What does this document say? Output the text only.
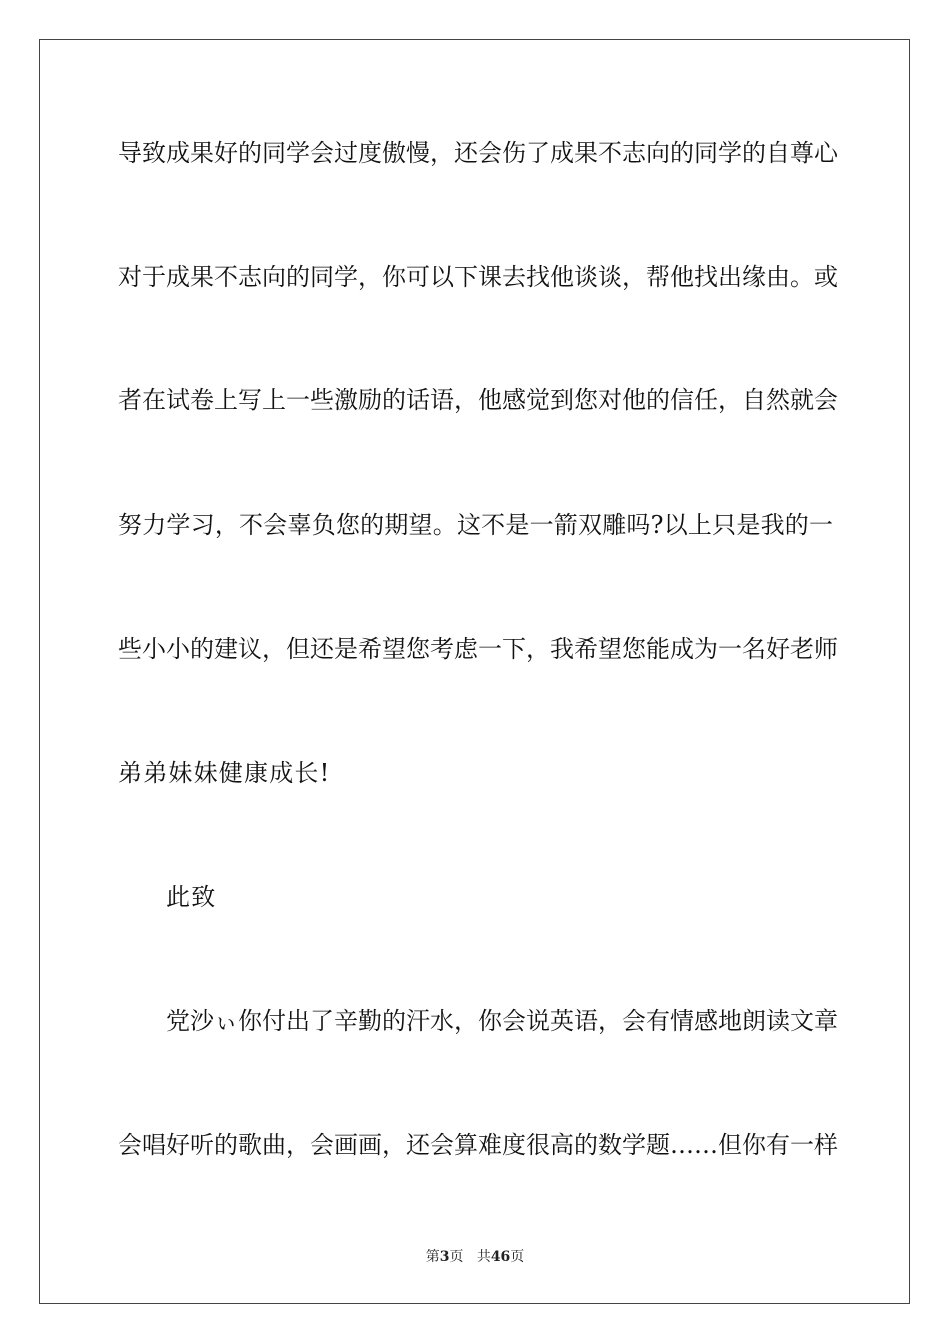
导致成果好的同学会过度傲慢，还会伤了成果不志向的同学的自尊心
对于成果不志向的同学，你可以下课去找他谈谈，帮他找出缘由。或
者在试卷上写上一些激励的话语，他感觉到您对他的信任，自然就会
努力学习，不会辜负您的期望。这不是一箭双雕吗?以上只是我的一
些小小的建议，但还是希望您考虑一下，我希望您能成为一名好老师
弟弟妹妹健康成长!
此致
党沙ぃ你付出了辛勤的汗水，你会说英语，会有情感地朗读文章
会唱好听的歌曲，会画画，还会算难度很高的数学题……但你有一样
第3页 共46页
